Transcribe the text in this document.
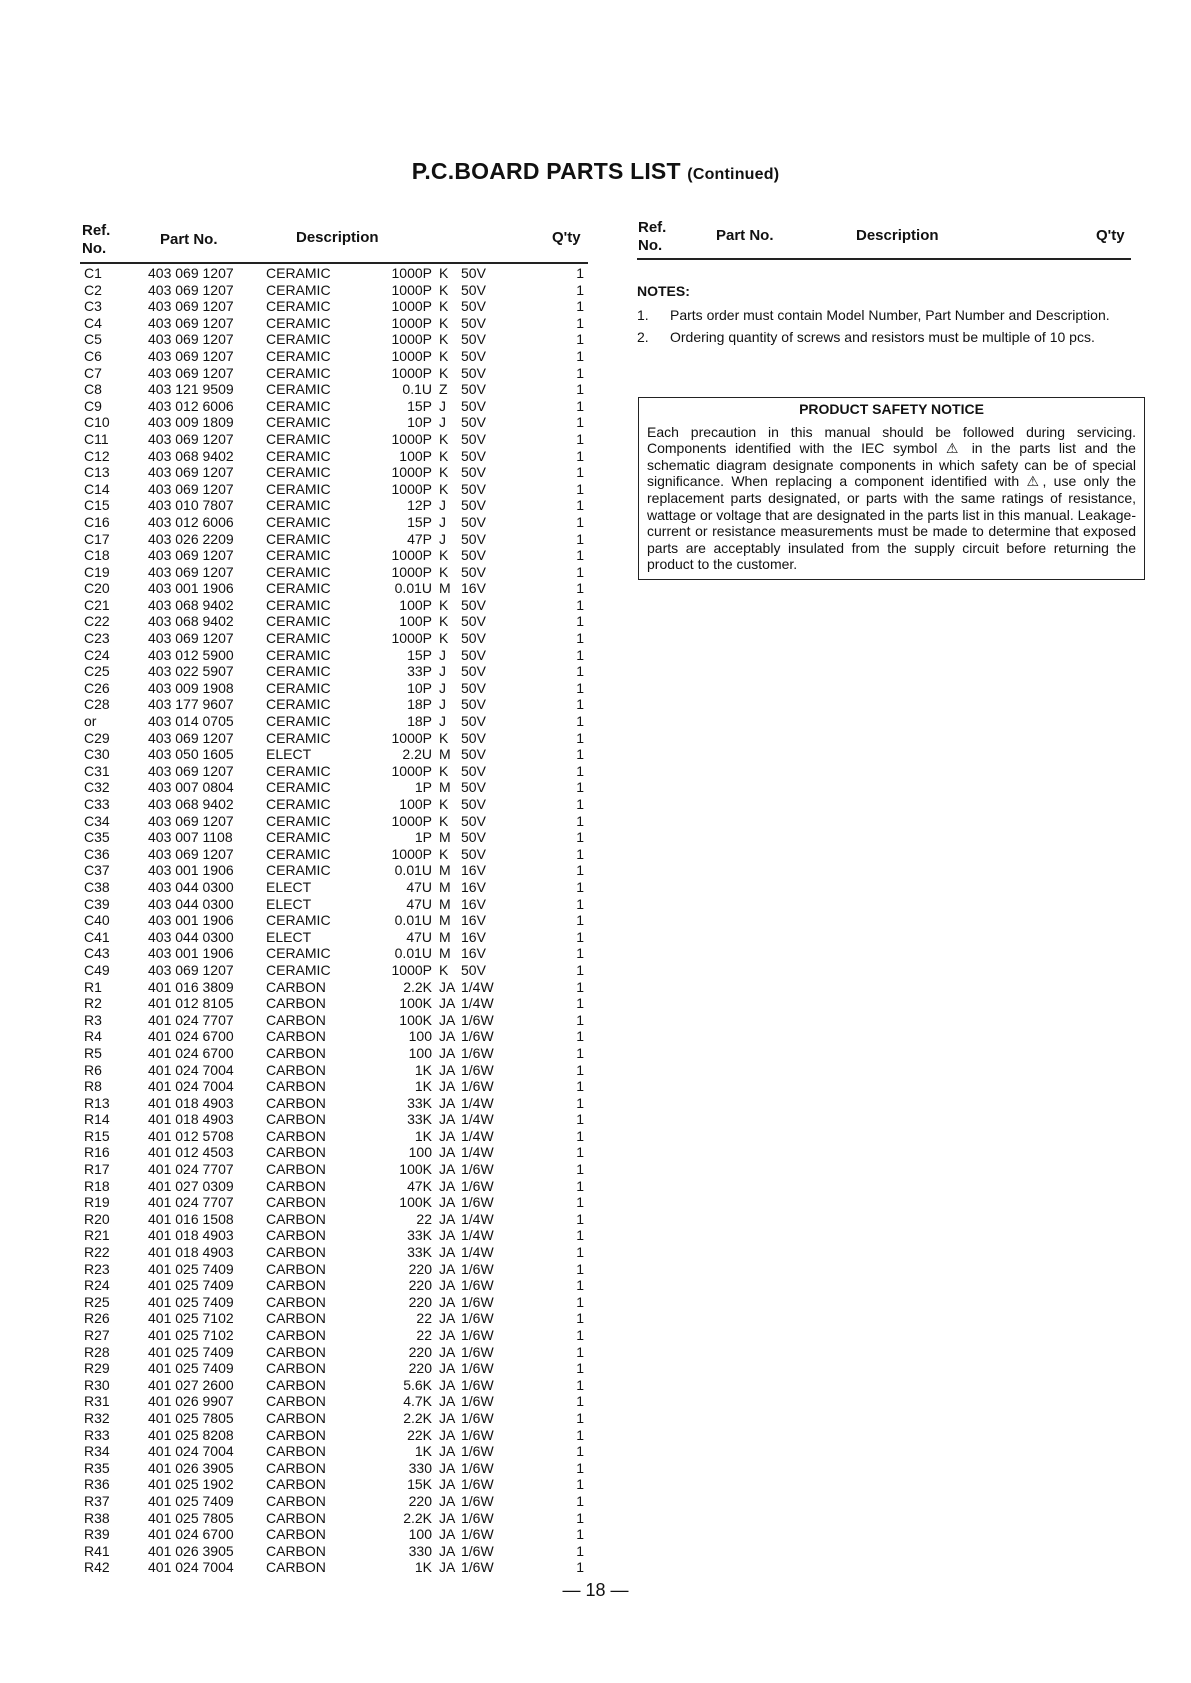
P.C.BOARD PARTS LIST (Continued)
Ref.
No.
Part No.	Description	Q'ty
C1	403 069 1207 CERAMIC	1000P K 50V	1
C2	403 069 1207 CERAMIC	1000P K 50V	1
C3	403 069 1207 CERAMIC	1000P K 50V	1
C4	403 069 1207 CERAMIC	1000P K 50V	1
C5	403 069 1207 CERAMIC	1000P K 50V	1
C6	403 069 1207 CERAMIC	1000P K 50V	1
C7	403 069 1207 CERAMIC	1000P K 50V	1
C8	403 121 9509 CERAMIC	0.1U Z 50V	1
C9	403 012 6006 CERAMIC	15P J 50V	1
C10	403 009 1809 CERAMIC	10P J 50V	1
C11	403 069 1207 CERAMIC	1000P K 50V	1
C12	403 068 9402 CERAMIC	100P K 50V	1
C13	403 069 1207 CERAMIC	1000P K 50V	1
C14	403 069 1207 CERAMIC	1000P K 50V	1
C15	403 010 7807 CERAMIC	12P J 50V	1
C16	403 012 6006 CERAMIC	15P J 50V	1
C17	403 026 2209 CERAMIC	47P J 50V	1
C18	403 069 1207 CERAMIC	1000P K 50V	1
C19	403 069 1207 CERAMIC	1000P K 50V	1
C20	403 001 1906 CERAMIC	0.01U M 16V	1
C21	403 068 9402 CERAMIC	100P K 50V	1
C22	403 068 9402 CERAMIC	100P K 50V	1
C23	403 069 1207 CERAMIC	1000P K 50V	1
C24	403 012 5900 CERAMIC	15P J 50V	1
C25	403 022 5907 CERAMIC	33P J 50V	1
C26	403 009 1908 CERAMIC	10P J 50V	1
C28	403 177 9607 CERAMIC	18P J 50V	1
or	403 014 0705 CERAMIC	18P J 50V	1
C29	403 069 1207 CERAMIC	1000P K 50V	1
C30	403 050 1605 ELECT	2.2U M 50V	1
C31	403 069 1207 CERAMIC	1000P K 50V	1
C32	403 007 0804 CERAMIC	1P M 50V	1
C33	403 068 9402 CERAMIC	100P K 50V	1
C34	403 069 1207 CERAMIC	1000P K 50V	1
C35	403 007 1108 CERAMIC	1P M 50V	1
C36	403 069 1207 CERAMIC	1000P K 50V	1
C37	403 001 1906 CERAMIC	0.01U M 16V	1
C38	403 044 0300 ELECT	47U M 16V	1
C39	403 044 0300 ELECT	47U M 16V	1
C40	403 001 1906 CERAMIC	0.01U M 16V	1
C41	403 044 0300 ELECT	47U M 16V	1
C43	403 001 1906 CERAMIC	0.01U M 16V	1
C49	403 069 1207 CERAMIC	1000P K 50V	1
R1	401 016 3809 CARBON	2.2K JA 1/4W	1
R2	401 012 8105 CARBON	100K JA 1/4W	1
R3	401 024 7707 CARBON	100K JA 1/6W	1
R4	401 024 6700 CARBON	100 JA 1/6W	1
R5	401 024 6700 CARBON	100 JA 1/6W	1
R6	401 024 7004 CARBON	1K JA 1/6W	1
R8	401 024 7004 CARBON	1K JA 1/6W	1
R13	401 018 4903 CARBON	33K JA 1/4W	1
R14	401 018 4903 CARBON	33K JA 1/4W	1
R15	401 012 5708 CARBON	1K JA 1/4W	1
R16	401 012 4503 CARBON	100 JA 1/4W	1
R17	401 024 7707 CARBON	100K JA 1/6W	1
R18	401 027 0309 CARBON	47K JA 1/6W	1
R19	401 024 7707 CARBON	100K JA 1/6W	1
R20	401 016 1508 CARBON	22 JA 1/4W	1
R21	401 018 4903 CARBON	33K JA 1/4W	1
R22	401 018 4903 CARBON	33K JA 1/4W	1
R23	401 025 7409 CARBON	220 JA 1/6W	1
R24	401 025 7409 CARBON	220 JA 1/6W	1
R25	401 025 7409 CARBON	220 JA 1/6W	1
R26	401 025 7102 CARBON	22 JA 1/6W	1
R27	401 025 7102 CARBON	22 JA 1/6W	1
R28	401 025 7409 CARBON	220 JA 1/6W	1
R29	401 025 7409 CARBON	220 JA 1/6W	1
R30	401 027 2600 CARBON	5.6K JA 1/6W	1
R31	401 026 9907 CARBON	4.7K JA 1/6W	1
R32	401 025 7805 CARBON	2.2K JA 1/6W	1
R33	401 025 8208 CARBON	22K JA 1/6W	1
R34	401 024 7004 CARBON	1K JA 1/6W	1
R35	401 026 3905 CARBON	330 JA 1/6W	1
R36	401 025 1902 CARBON	15K JA 1/6W	1
R37	401 025 7409 CARBON	220 JA 1/6W	1
R38	401 025 7805 CARBON	2.2K JA 1/6W	1
R39	401 024 6700 CARBON	100 JA 1/6W	1
R41	401 026 3905 CARBON	330 JA 1/6W	1
R42	401 024 7004 CARBON	1K JA 1/6W	1
Ref.
No.
Part No.	Description	Q'ty
NOTES:
1.	Parts order must contain Model Number, Part Number and Description.
2.	Ordering quantity of screws and resistors must be multiple of 10 pcs.
PRODUCT SAFETY NOTICE
Each precaution in this manual should be followed during servicing. Components identified with the IEC symbol ⚠ in the parts list and the schematic diagram designate components in which safety can be of special significance. When replacing a component identified with ⚠, use only the replacement parts designated, or parts with the same ratings of resistance, wattage or voltage that are designated in the parts list in this manual. Leakage-current or resistance measurements must be made to determine that exposed parts are acceptably insulated from the supply circuit before returning the product to the customer.
— 18 —
